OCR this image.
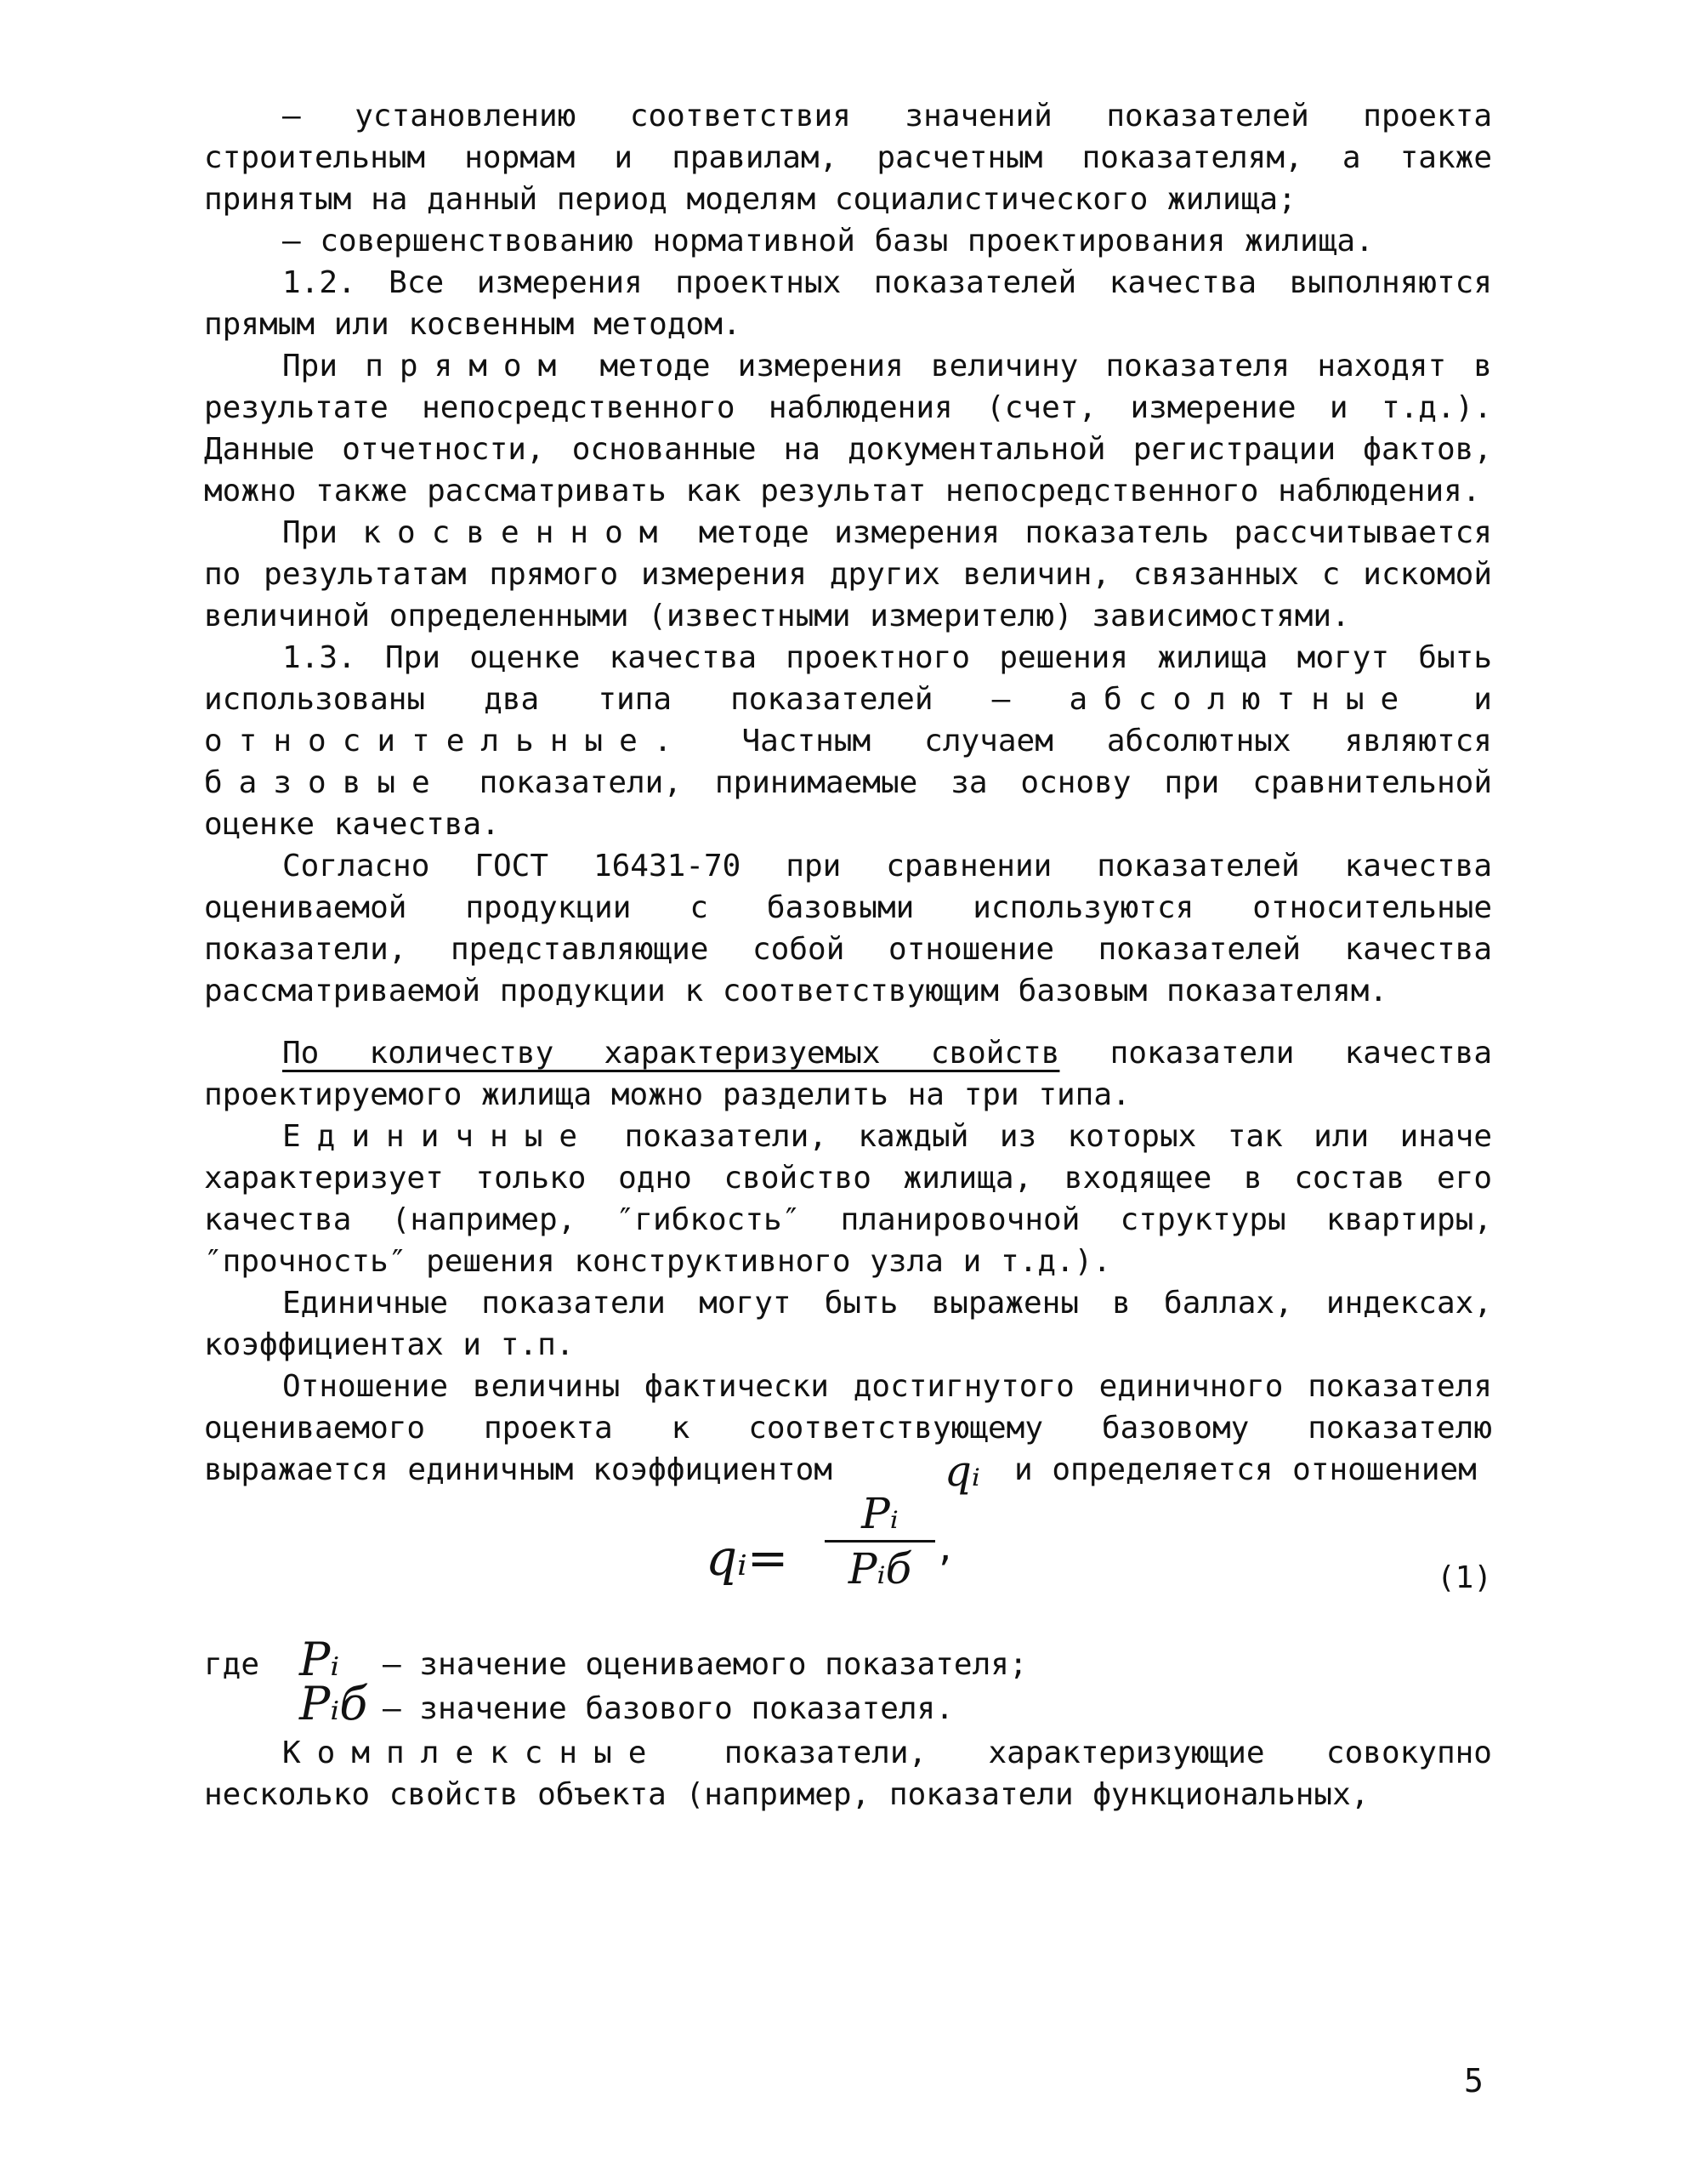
– установлению соответствия значений показателей проекта строительным нормам и правилам, расчетным показателям, а также принятым на данный период моделям социалистического жилища;

– совершенствованию нормативной базы проектирования жилища.

1.2. Все измерения проектных показателей качества выполняются прямым или косвенным методом.

При прямом методе измерения величину показателя находят в результате непосредственного наблюдения (счет, измерение и т.д.). Данные отчетности, основанные на документальной регистрации фактов, можно также рассматривать как результат непосредственного наблюдения.

При косвенном методе измерения показатель рассчитывается по результатам прямого измерения других величин, связанных с искомой величиной определенными (известными измерителю) зависимостями.

1.3. При оценке качества проектного решения жилища могут быть использованы два типа показателей – абсолютные и относительные. Частным случаем абсолютных являются базовые показатели, принимаемые за основу при сравнительной оценке качества.

Согласно ГОСТ 16431-70 при сравнении показателей качества оцениваемой продукции с базовыми используются относительные показатели, представляющие собой отношение показателей качества рассматриваемой продукции к соответствующим базовым показателям.

По количеству характеризуемых свойств показатели качества проектируемого жилища можно разделить на три типа.

Единичные показатели, каждый из которых так или иначе характеризует только одно свойство жилища, входящее в состав его качества (например, ″гибкость″ планировочной структуры квартиры, ″прочность″ решения конструктивного узла и т.д.).

Единичные показатели могут быть выражены в баллах, индексах, коэффициентах и т.п.

Отношение величины фактически достигнутого единичного показателя оцениваемого проекта к соответствующему базовому показателю выражается единичным коэффициентом	qᵢ и определяется отношением

qᵢ=
Pᵢ
Pᵢб ,
(1)
где Pᵢ – значение оцениваемого показателя;
Pᵢб – значение базового показателя.

Комплексные показатели, характеризующие совокупно несколько свойств объекта (например, показатели функциональных,

5
